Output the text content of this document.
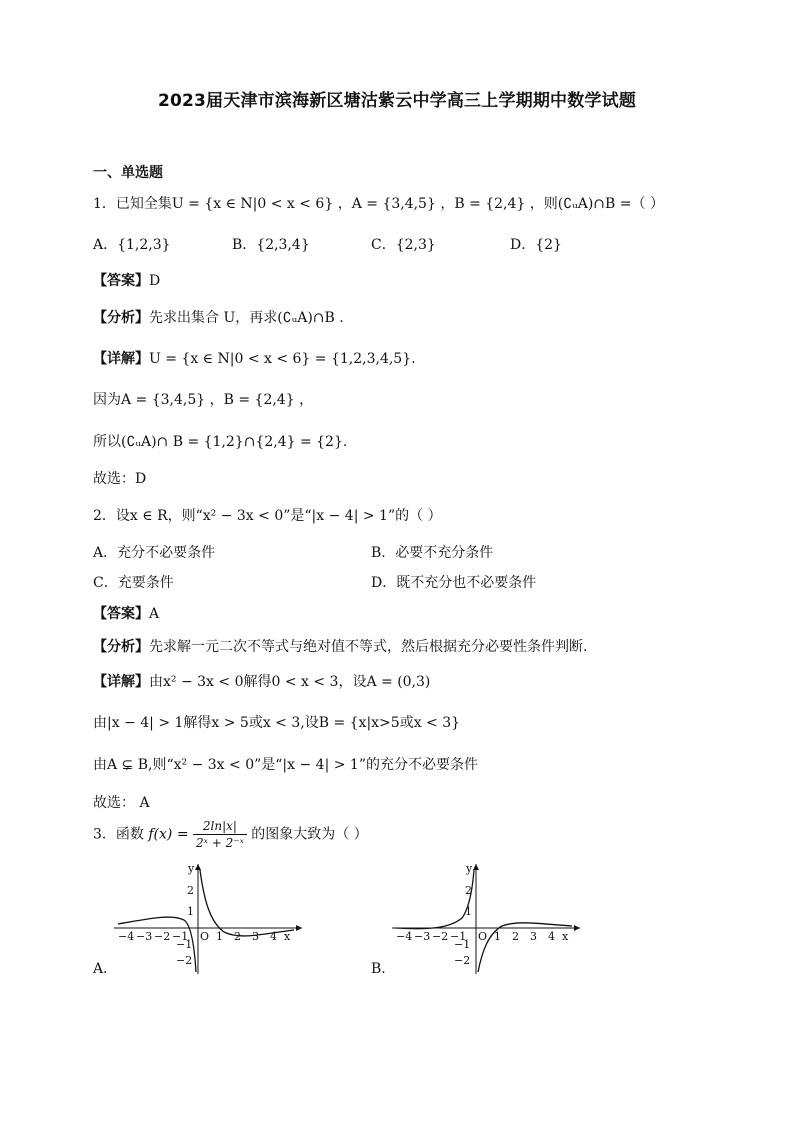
2023届天津市滨海新区塘沽紫云中学高三上学期期中数学试题
一、单选题
1．已知全集U = {x ∈ N|0 < x < 6} ，A = {3,4,5} ，B = {2,4} ，则(∁ᵤA)∩B =（ ）
A．{1,2,3}	B．{2,3,4}	C．{2,3}	D．{2}
【答案】D
【分析】先求出集合 U，再求(∁ᵤA)∩B .
【详解】U = {x ∈ N|0 < x < 6} = {1,2,3,4,5}.
因为A = {3,4,5} ，B = {2,4} ，
所以(∁ᵤA)∩ B = {1,2}∩{2,4} = {2}.
故选：D
2．设x ∈ R，则“x² − 3x < 0”是“|x − 4| > 1”的（ ）
A．充分不必要条件	B．必要不充分条件
C．充要条件	D．既不充分也不必要条件
【答案】A
【分析】先求解一元二次不等式与绝对值不等式，然后根据充分必要性条件判断.
【详解】由x² − 3x < 0解得0 < x < 3，设A = (0,3)
由|x − 4| > 1解得x > 5或x < 3,设B = {x|x>5或x < 3}
由A ⊊ B,则“x² − 3x < 0”是“|x − 4| > 1”的充分不必要条件
故选： A
3．函数 $f(x) = \frac{2\ln|x|}{\text{2ˣ + 2⁻ˣ}}$ 的图象大致为（ ）
y
x
2
1
−1
−2
−4 −3 −2 −1 O 1 2 3 4
A．
y
x
2
1
−1
−2
−4 −3 −2 −1 O 1 2 3 4
B．
